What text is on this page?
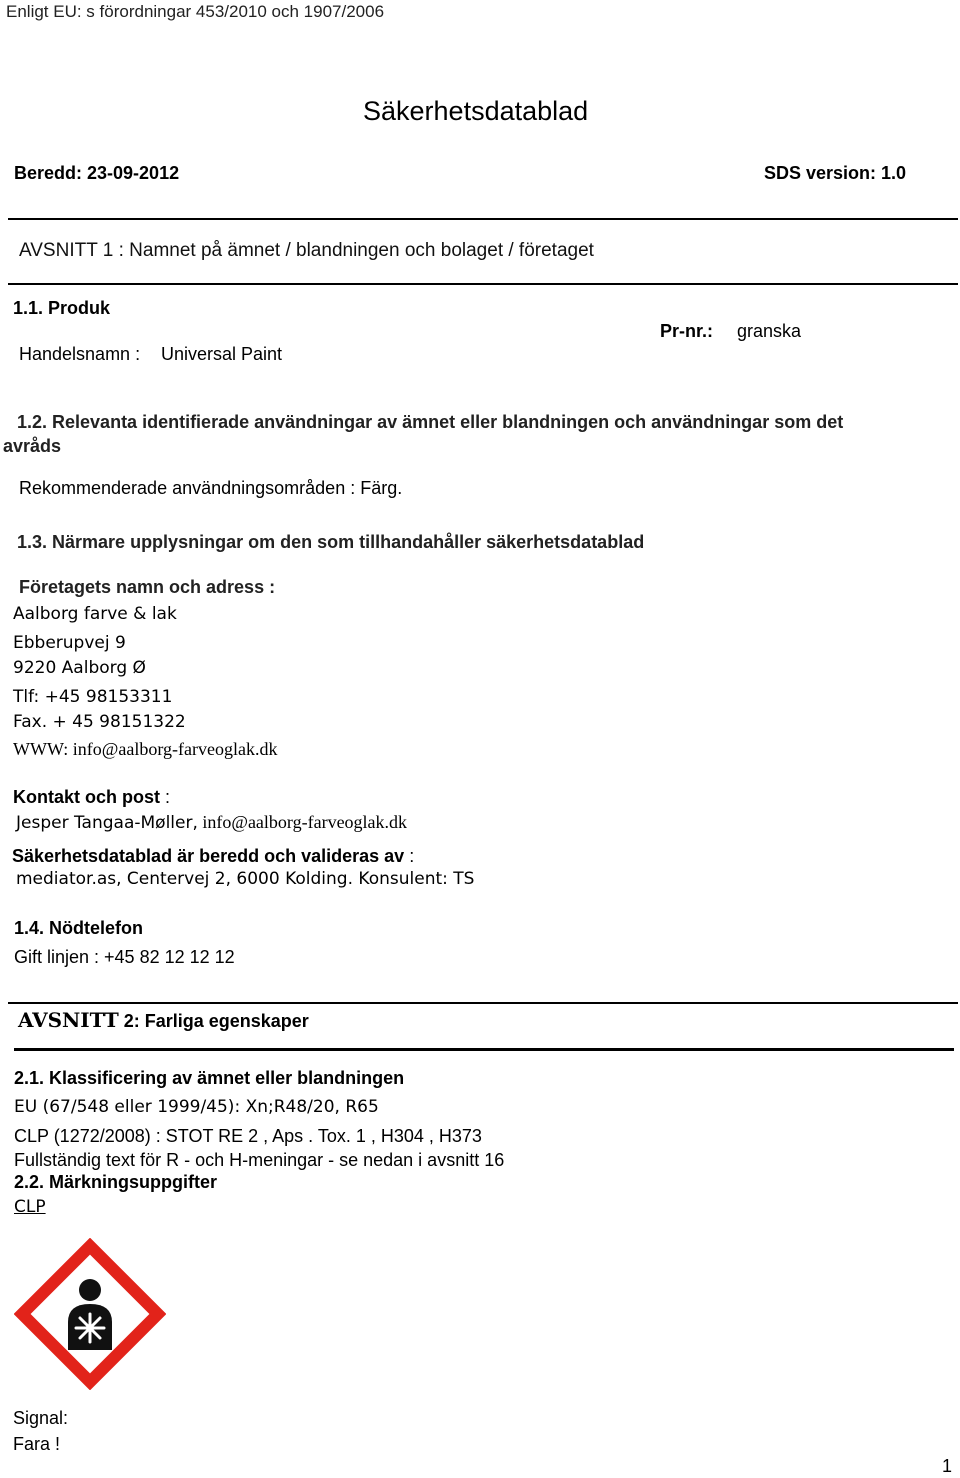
Enligt EU: s förordningar 453/2010 och 1907/2006
Säkerhetsdatablad
Beredd: 23-09-2012	SDS version: 1.0
AVSNITT 1 : Namnet på ämnet / blandningen och bolaget / företaget
1.1. Produk
Handelsnamn : Universal Paint
Pr-nr.: granska
1.2. Relevanta identifierade användningar av ämnet eller blandningen och användningar som det
avråds
Rekommenderade användningsområden : Färg.
1.3. Närmare upplysningar om den som tillhandahåller säkerhetsdatablad
Företagets namn och adress :
Aalborg farve & lak
Ebberupvej 9
9220 Aalborg Ø
Tlf: +45 98153311
Fax. + 45 98151322
WWW: info@aalborg-farveoglak.dk
Kontakt och post :
Jesper Tangaa-Møller, info@aalborg-farveoglak.dk
Säkerhetsdatablad är beredd och valideras av :
mediator.as, Centervej 2, 6000 Kolding. Konsulent: TS
1.4. Nödtelefon
Gift linjen : +45 82 12 12 12
AVSNITT 2: Farliga egenskaper
2.1. Klassificering av ämnet eller blandningen
EU (67/548 eller 1999/45): Xn;R48/20, R65
CLP (1272/2008) : STOT RE 2 , Aps . Tox. 1 , H304 , H373
Fullständig text för R - och H-meningar - se nedan i avsnitt 16
2.2. Märkningsuppgifter
CLP
Signal:
Fara !
1
